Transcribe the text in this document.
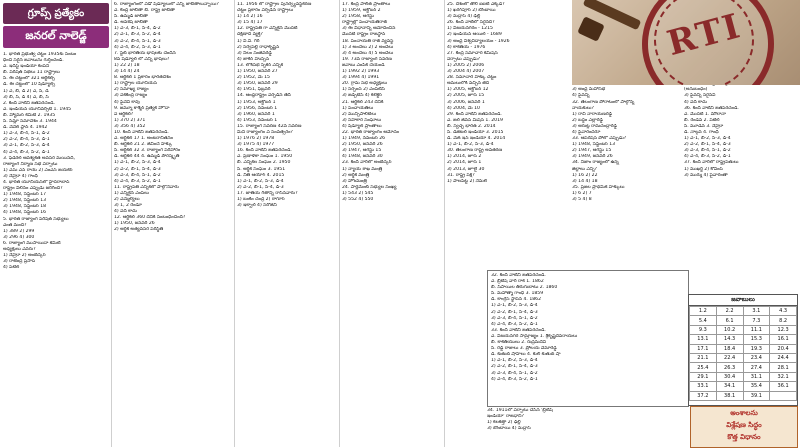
గ్రూప్స్ ప్రత్యేకం
జనరల్ నాలెడ్జ్

1. భారత ప్రభుత్వ చట్టం 1935కు సంబం

ధించి సరైన జవాబును గుర్తించండి.

ఎ. ఇదిస్ట్ ఇండియా కంపెనీ

బి. పరిషత్ సభలు 11 రాష్ట్రాలు

సి. ఈ చట్టంలో 321 ఆర్టికల్స్

డి. ఈ చట్టంలో 10 షెడ్యూల్స్

1) ఎ, బి, డి 2) ఎ, సి, డి

3) బి, సి, డి 4) ఎ, బి, సి

2. కింది వాటిని జతపరచండి.

ఎ. ఇండియన్ యూనివర్సిటీ 1. 1945

బి. హ్యామర్ కమిటీ 2. 1935

సి. సిమ్లా సమావేశం 3. 1944

డి. వేవెల్ ప్లాన్ 4. 1942

1) ఎ-3, బి-4, సి-1, డి-2

2) ఎ-2, బి-4, సి-3, డి-1

3) ఎ-1, బి-2, సి-3, డి-4

4) ఎ-4, బి-3, సి-2, డి-1

3. ఫెడరల్ ఆవశ్యకత అవసర మయినది,

రాజ్యాంగ నిర్మాణ సభ ఏర్పాటు

1) ఎమ్ ఎన్ రాయ్ 2) ఎంఎన్ జయకర్

3) నెహ్రూ 4) గాంధీ

4. భారత యూనియన్‌లో హైదరాబాద్

రాష్ట్రం విలీనం ఎప్పుడు జరిగింది?

1) 1948, సెప్టెంబర్ 17

2) 1948, సెప్టెంబర్ 13

3) 1948, సెప్టెంబర్ 18

4) 1948, సెప్టెంబర్ 16

5. భారత రాజ్యాంగ పరిషత్ సభ్యులు

ఎంత మంది?

1) 389 2) 299

3) 296 4) 300

6. రాజ్యాంగ ముసాయిదా కమిటీ

అధ్యక్షులు ఎవరు?

1) నెహ్రూ 2) అంబేద్కర్

3) రాజేంద్ర ప్రసాద్

4) పటేల్

6. రాజ్యాంగంలో ఏడో షెడ్యూలులో ఎన్ని జాబితాలున్నాయి?

ఎ. కేంద్ర జాబితా బి. రాష్ట్ర జాబితా

సి. ఉమ్మడి జాబితా

డి. అవశేష జాబితా

1) ఎ-3, బి-1, సి-4, డి-2

2) ఎ-1, బి-3, సి-2, డి-4

3) ఎ-2, బి-4, సి-1, డి-3

4) ఎ-4, బి-2, సి-3, డి-1

7. స్టేట్ భారతీయ భాషలకు చెందిన

8వ షెడ్యూల్ లో ఎన్ని భాషలు?

1) 22 2) 18

3) 14 4) 24

8. ఆర్టికల్ 1 ప్రకారం భారతదేశం

1) రాష్ట్రాల యూనియన్

2) సమాఖ్య రాజ్యం

3) ఏకకేంద్ర రాజ్యం

4) పైవేవీ కావు

9. జమ్మూ కాశ్మీర్ ప్రత్యేక హోదా

ఏ ఆర్టికల్?

1) 370 2) 371

3) 356 4) 352

10. కింది వాటిని జతపరచండి.

ఎ. ఆర్టికల్ 17 1. అంటరానితనం

బి. ఆర్టికల్ 21 2. జీవించే హక్కు

సి. ఆర్టికల్ 32 3. రాజ్యాంగ పరిహారం

డి. ఆర్టికల్ 44 4. ఉమ్మడి పౌరస్మృతి

1) ఎ-1, బి-2, సి-3, డి-4

2) ఎ-2, బి-1, సి-4, డి-3

3) ఎ-3, బి-4, సి-1, డి-2

4) ఎ-4, బి-3, సి-2, డి-1

11. రాష్ట్రపతి ఎన్నికలో పాల్గొనేవారు

1) ఎన్నికైన ఎంపీలు

2) ఎమ్మెల్యేలు

3) 1, 2 రెండూ

4) ఏదీ కాదు

12. ఆర్టికల్ 360 దేనికి సంబంధించింది?

1) 1950, జనవరి 26

2) ఆర్థిక అత్యవసర పరిస్థితి

11. 1956 లో రాష్ట్రాల పునర్వ్యవస్థీకరణ

చట్టం ప్రకారం ఏర్పడిన రాష్ట్రాలు

1) 14 2) 16

3) 15 4) 17

12. రాష్ట్రపతి గా ఎన్నికైన మొదటి

దక్షిణాది వ్యక్తి?

1) వి.వి. గిరి

2) సర్వేపల్లి రాధాకృష్ణన్

3) నీలం సంజీవరెడ్డి

4) జాకిర్ హుస్సేన్

13. లోక్‌సభ స్పీకర్ ఎన్నిక

1) 1950, జనవరి 27

2) 1952, మే 15

3) 1950, జనవరి 29

4) 1951, ఫిబ్రవరి

14. ఆంధ్రరాష్ట్రం ఏర్పడిన తేదీ

1) 1953, అక్టోబర్ 1

2) 1956, నవంబర్ 1

3) 1960, జనవరి 1

4) 1953, నవంబర్ 1

15. రాజ్యాంగ సవరణ 42వ సవరణ

మినీ రాజ్యాంగం ఏ సంవత్సరం?

1) 1976 2) 1978

3) 1975 4) 1977

16. కింది వాటిని జతపరచండి.

ఎ. ప్రణాళికా సంఘం 1. 1950

బి. ఎన్నికల సంఘం 2. 1950

సి. ఆర్థిక సంఘం 3. 1951

డి. నీతి ఆయోగ్ 4. 2015

1) ఎ-1, బి-2, సి-3, డి-4

2) ఎ-2, బి-1, సి-4, డి-3

17. జాతీయ గీతాన్ని రాసినవారు?

1) బంకిం చంద్ర 2) ఠాగూర్

3) ఇక్బాల్ 4) సరోజినీ

17. కేంద్ర పాలిత ప్రాంతాలు

1) 1959, అక్టోబర్ 2

2) 1958, ఆగస్టు

రాష్ట్రాల్లో పంచాయతీరాజ్

3) ఈ విధానాన్ని ఆమోదించిన

మొదటి రాష్ట్రం రాజస్థాన్

18. పంచాయతీ రాజ్ వ్యవస్థ

1) 3 అంచెలు 2) 2 అంచెలు

3) 4 అంచెలు 4) 5 అంచెలు

19. 73వ రాజ్యాంగ సవరణ

జవాబు ఎంపిక చేయండి

1) 1992 2) 1993

3) 1994 4) 1991

20. గ్రామ సభ అధ్యక్షులు

1) సర్పంచ్ 2) ఎంపీటీసీ

3) జడ్పీటీసీ 4) కలెక్టర్

21. ఆర్టికల్ 243 దేనికి

1) పంచాయతీలు

2) మున్సిపాలిటీలు

3) సహకార సంఘాలు

4) షెడ్యూల్ ప్రాంతాలు

22. భారత రాజ్యాంగం ఆమోదం

1) 1949, నవంబర్ 26

2) 1950, జనవరి 26

3) 1947, ఆగస్టు 15

4) 1948, జనవరి 30

23. కింది వారిలో అంబేద్కర్

1) న్యాయ శాఖ మంత్రి

2) ఆర్థిక మంత్రి

3) హోంమంత్రి

24. పార్లమెంట్ సభ్యుల సంఖ్య

1) 543 2) 545

3) 552 4) 550

25. దేశంలో తొలి ఐఐటీ ఎక్కడ?

1) ఖరగ్‌పూర్ 2) బొంబాయి

3) మద్రాస్ 4) ఢిల్లీ

26. కింది వాటిలో సరైనది?

1) విజయనగరం - 1215

2) ఇండియన్ ఆయిల్ - 1689

3) ఆంధ్ర విశ్వవిద్యాలయం - 1926

4) కాకతీయ - 1976

27. కేంద్ర సమాచార కమిషన్

ఏర్పాటు ఎప్పుడు?

1) 2005 2) 2006

3) 2004 4) 2007

28. సమాచార హక్కు చట్టం

అమలులోకి వచ్చిన తేదీ

1) 2005, అక్టోబర్ 12

2) 2005, జూన్ 15

3) 2006, జనవరి 1

4) 2004, మే 10

29. కింది వాటిని జతపరచండి.

ఎ. జల్ జీవన్ మిషన్ 1. 2019

బి. స్వచ్ఛ భారత్ 2. 2014

సి. డిజిటల్ ఇండియా 3. 2015

డి. మేక్ ఇన్ ఇండియా 4. 2014

1) ఎ-1, బి-2, సి-3, డి-4

30. తెలంగాణ రాష్ట్ర అవతరణ

1) 2014, జూన్ 2

2) 2014, జూన్ 1

3) 2013, జూలై 30

31. రాష్ట్ర పక్షి?

1) పాలపిట్ట 2) నెమలి

3) ఆంధ్ర మహాసభ

4) పైవన్నీ

32. తెలంగాణ పోరాటంలో పాల్గొన్న

నాయకులు?

1) రావి నారాయణరెడ్డి

2) బద్దం ఎల్లారెడ్డి

3) ఆరుట్ల రామచంద్రారెడ్డి

4) పైవారందరూ

33. ఆపరేషన్ పోలో ఎప్పుడు?

1) 1948, సెప్టెంబర్ 13

2) 1947, ఆగస్టు 15

3) 1949, జనవరి 26

34. నిజాం రాజ్యంలో ఉన్న

జిల్లాలు ఎన్ని?

1) 16 2) 22

3) 14 4) 18

35. ప్రజల ప్రాథమిక హక్కులు

1) 6 2) 7

3) 5 4) 8

(అనుబంధం)

3) పైవన్నీ సరైనవి

4) ఏదీ కాదు

36. కింది వాటిని జతపరచండి.

ఎ. మొదటి 1. మౌలానా

బి. రెండవ 2. పటేల్

సి. మూడవ 3. నెహ్రూ

డి. నాల్గవ 4. గాంధీ

1) ఎ-1, బి-2, సి-3, డి-4

2) ఎ-2, బి-1, సి-4, డి-3

3) ఎ-3, బి-4, సి-1, డి-2

4) ఎ-4, బి-3, సి-2, డి-1

37. కింది వారిలో రాష్ట్రపతులు

1) ముఖర్జీ 2) కోవింద్

3) ముర్ము 4) పైవారంతా

RTI

32. కింది వాటిని జతపరచండి.

ఎ. బ్రిటిష్ వారి రాక 1. 1862

బి. సీపాయిల తిరుగుబాటు 2. 1860

సి. మహాత్మా గాంధీ 3. 1859

డి. కాంగ్రెస్ స్థాపన 4. 1862

1) ఎ-1, బి-2, సి-3, డి-4

2) ఎ-2, బి-1, సి-4, డి-3

3) ఎ-3, బి-4, సి-1, డి-2

4) ఎ-4, బి-3, సి-2, డి-1

33. కింది వాటిని జతపరచండి.

ఎ. విజయనగర సామ్రాజ్యం 1. శ్రీకృష్ణదేవరాయలు

బి. కాకతీయులు 2. రుద్రమదేవి

సి. రెడ్డి రాజులు 3. ప్రోలయ వేమారెడ్డి

డి. కుతుబ్ షాహీలు 4. కులీ కుతుబ్ షా

1) ఎ-1, బి-2, సి-3, డి-4

2) ఎ-2, బి-1, సి-4, డి-3

3) ఎ-3, బి-4, సి-1, డి-2

4) ఎ-4, బి-3, సి-2, డి-1

34. 1911లో ఏర్పాటు చేసిన 'బ్రిటిష్

ఇండియా' రాజధాని?

1) కలకత్తా 2) ఢిల్లీ

3) బొంబాయి 4) మద్రాస్

జవాబులు
1.2	2.2	3.1	4.3
5.4	6.1	7.3	8.2
9.3	10.2	11.1	12.3
13.1	14.3	15.3	16.1
17.1	18.4	19.3	20.4
21.1	22.4	23.4	24.4
25.4	26.3	27.4	28.1
29.1	30.4	31.1	32.1
33.1	34.1	35.4	36.1
37.2	38.1	39.1	

అంశాలను

విశ్లేషణ సిద్ధం

కొత్త విధానం
